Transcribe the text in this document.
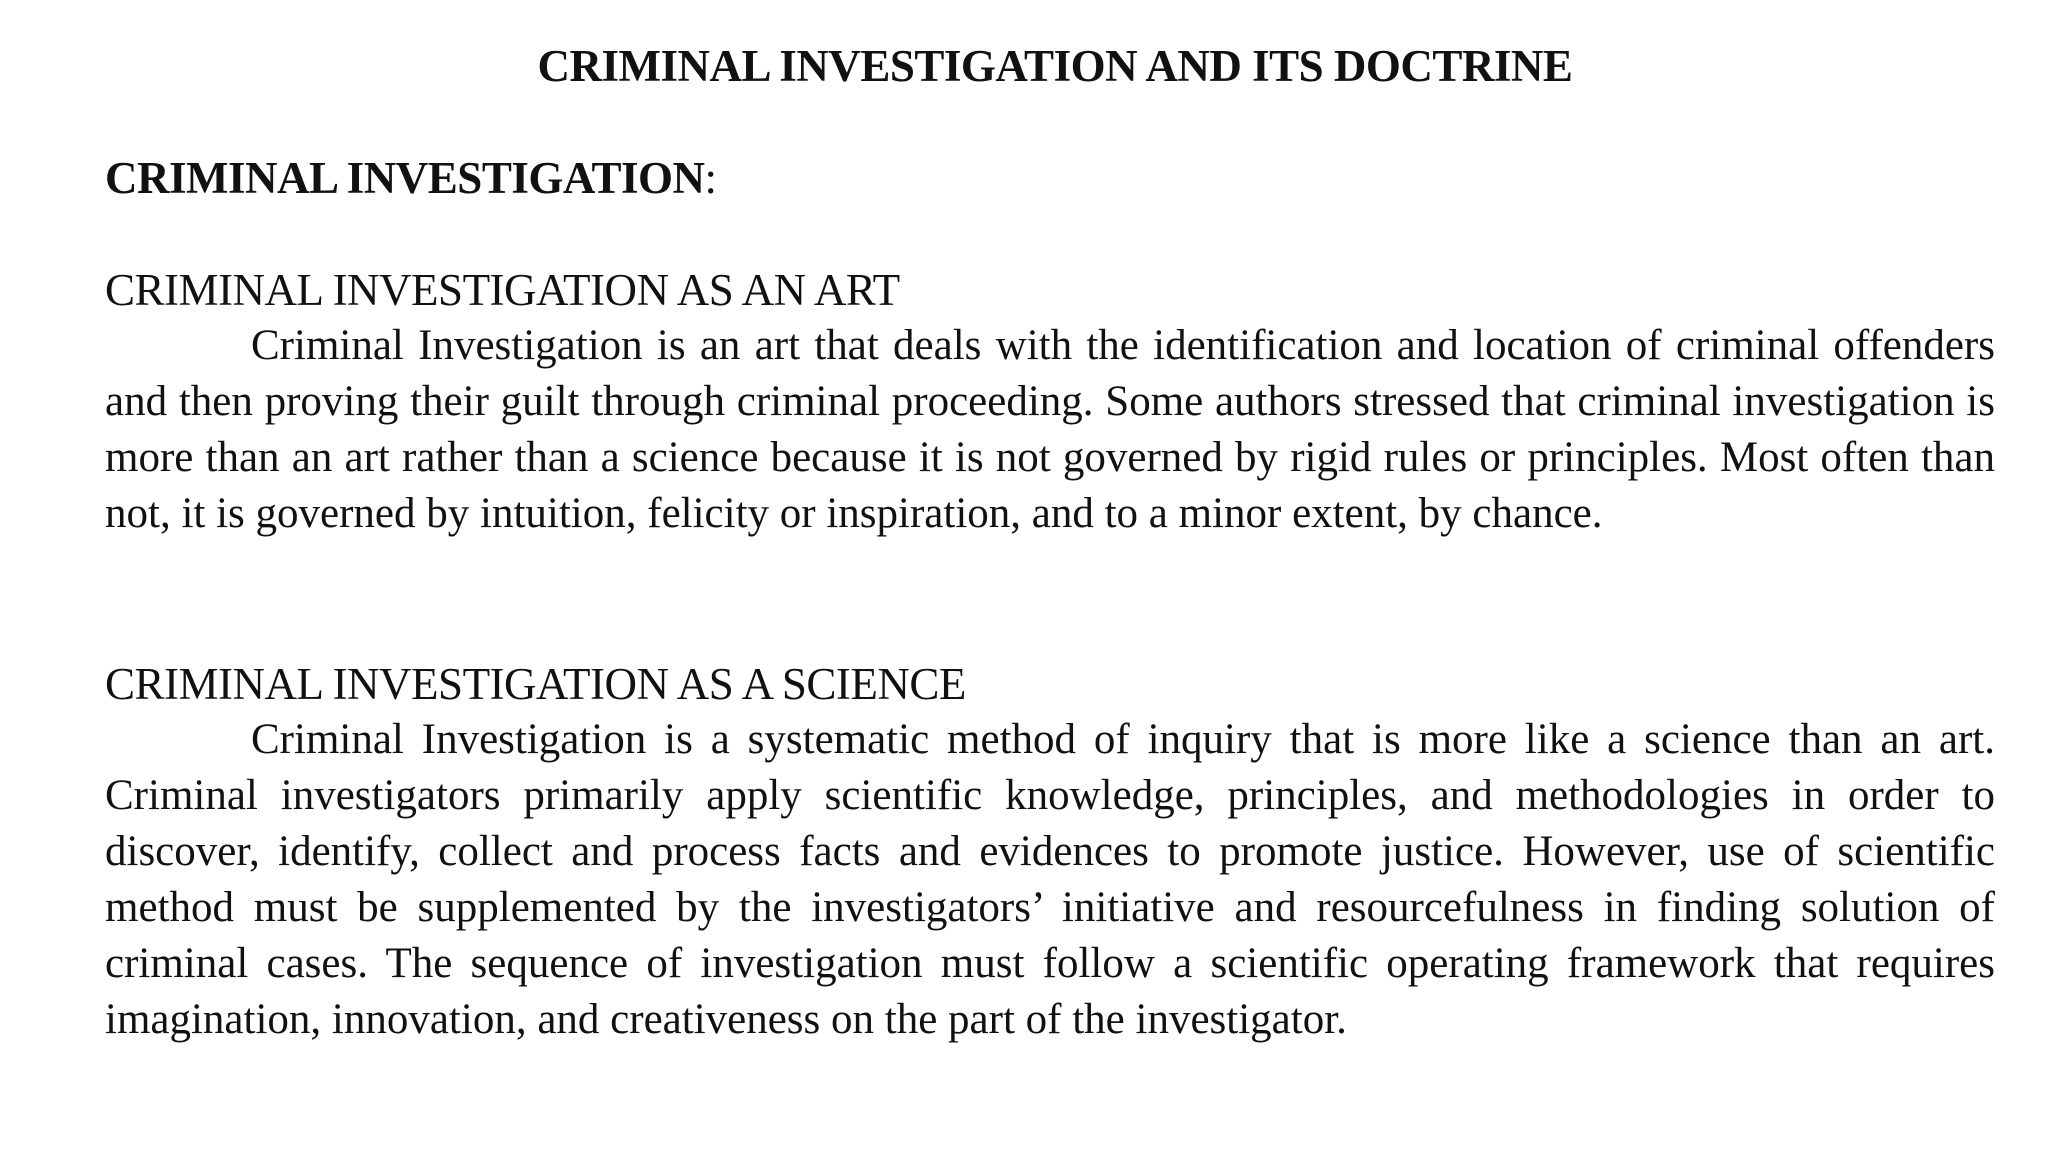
CRIMINAL INVESTIGATION AND ITS DOCTRINE
CRIMINAL INVESTIGATION:
CRIMINAL INVESTIGATION AS AN ART

Criminal Investigation is an art that deals with the identification and location of criminal offenders and then proving their guilt through criminal proceeding. Some authors stressed that criminal investigation is more than an art rather than a science because it is not governed by rigid rules or principles. Most often than not, it is governed by intuition, felicity or inspiration, and to a minor extent, by chance.

CRIMINAL INVESTIGATION AS A SCIENCE

Criminal Investigation is a systematic method of inquiry that is more like a science than an art. Criminal investigators primarily apply scientific knowledge, principles, and methodologies in order to discover, identify, collect and process facts and evidences to promote justice. However, use of scientific method must be supplemented by the investigators’ initiative and resourcefulness in finding solution of criminal cases. The sequence of investigation must follow a scientific operating framework that requires imagination, innovation, and creativeness on the part of the investigator.
